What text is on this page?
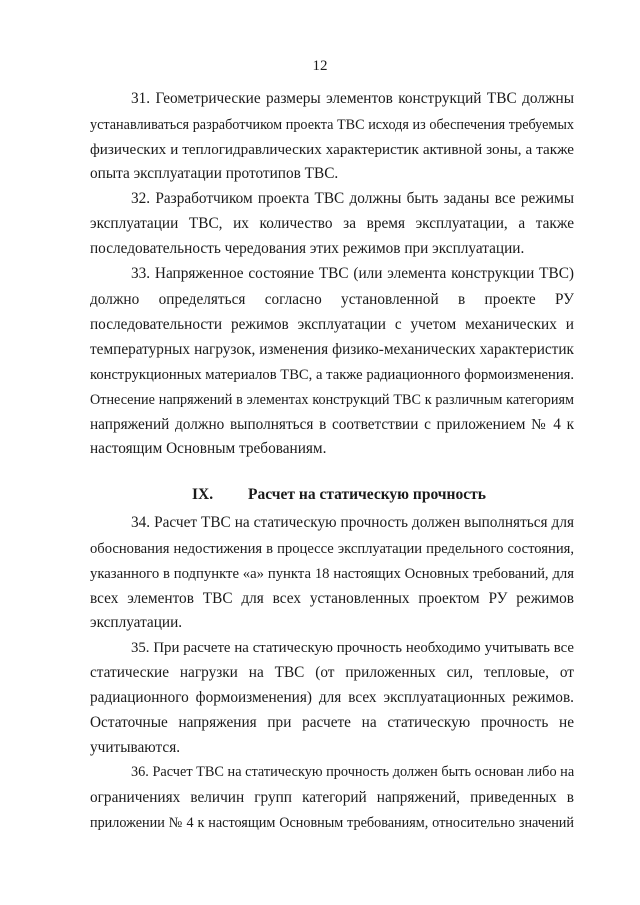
12
31. Геометрические размеры элементов конструкций ТВС должны
устанавливаться разработчиком проекта ТВС исходя из обеспечения требуемых
физических и теплогидравлических характеристик активной зоны, а также
опыта эксплуатации прототипов ТВС.
32. Разработчиком проекта ТВС должны быть заданы все режимы
эксплуатации ТВС, их количество за время эксплуатации, а также
последовательность чередования этих режимов при эксплуатации.
33. Напряженное состояние ТВС (или элемента конструкции ТВС)
должно определяться согласно установленной в проекте РУ
последовательности режимов эксплуатации с учетом механических и
температурных нагрузок, изменения физико-механических характеристик
конструкционных материалов ТВС, а также радиационного формоизменения.
Отнесение напряжений в элементах конструкций ТВС к различным категориям
напряжений должно выполняться в соответствии с приложением № 4 к
настоящим Основным требованиям.
IX. Расчет на статическую прочность
34. Расчет ТВС на статическую прочность должен выполняться для
обоснования недостижения в процессе эксплуатации предельного состояния,
указанного в подпункте «а» пункта 18 настоящих Основных требований, для
всех элементов ТВС для всех установленных проектом РУ режимов
эксплуатации.
35. При расчете на статическую прочность необходимо учитывать все
статические нагрузки на ТВС (от приложенных сил, тепловые, от
радиационного формоизменения) для всех эксплуатационных режимов.
Остаточные напряжения при расчете на статическую прочность не
учитываются.
36. Расчет ТВС на статическую прочность должен быть основан либо на
ограничениях величин групп категорий напряжений, приведенных в
приложении № 4 к настоящим Основным требованиям, относительно значений
